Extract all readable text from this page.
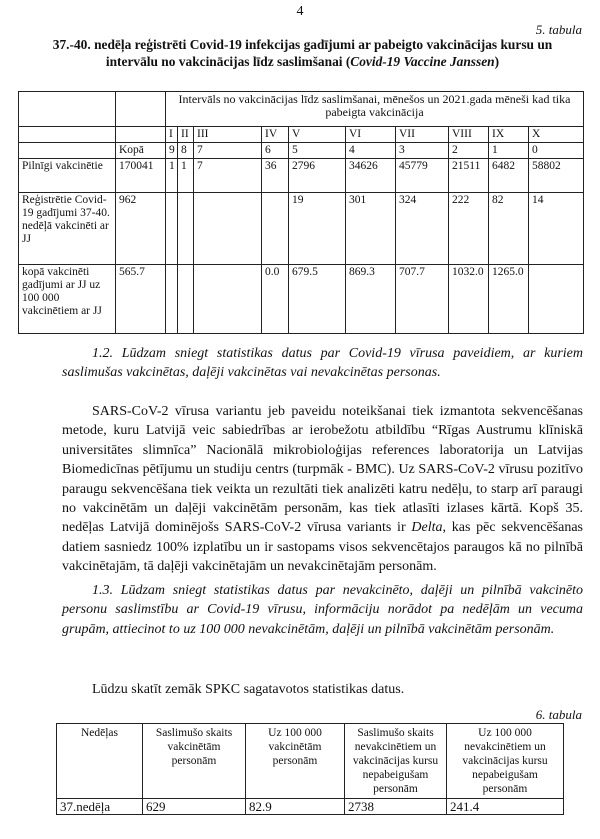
4
5. tabula
37.-40. nedēļa reģistrēti Covid-19 infekcijas gadījumi ar pabeigto vakcinācijas kursu un intervālu no vakcinācijas līdz saslimšanai (Covid-19 Vaccine Janssen)
		Intervāls no vakcinācijas līdz saslimšanai, mēnešos un 2021.gada mēneši kad tika pabeigta vakcinācija									
		I	II	III	IV	V	VI	VII	VIII	IX	X
	Kopā	9	8	7	6	5	4	3	2	1	0
Pilnīgi vakcinētie	170041	1	1	7	36	2796	34626	45779	21511	6482	58802
Reģistrētie Covid-19 gadījumi 37-40. nedēļā vakcinēti ar JJ	962					19	301	324	222	82	14
kopā vakcinēti gadījumi ar JJ uz 100 000 vakcinētiem ar JJ	565.7				0.0	679.5	869.3	707.7	1032.0	1265.0	
1.2. Lūdzam sniegt statistikas datus par Covid-19 vīrusa paveidiem, ar kuriem saslimušas vakcinētas, daļēji vakcinētas vai nevakcinētas personas.
SARS-CoV-2 vīrusa variantu jeb paveidu noteikšanai tiek izmantota sekvencēšanas metode, kuru Latvijā veic sabiedrības ar ierobežotu atbildību “Rīgas Austrumu klīniskā universitātes slimnīca” Nacionālā mikrobioloģijas references laboratorija un Latvijas Biomedicīnas pētījumu un studiju centrs (turpmāk - BMC). Uz SARS-CoV-2 vīrusu pozitīvo paraugu sekvencēšana tiek veikta un rezultāti tiek analizēti katru nedēļu, to starp arī paraugi no vakcinētām un daļēji vakcinētām personām, kas tiek atlasīti izlases kārtā. Kopš 35. nedēļas Latvijā dominējošs SARS-CoV-2 vīrusa variants ir Delta, kas pēc sekvencēšanas datiem sasniedz 100% izplatību un ir sastopams visos sekvencētajos paraugos kā no pilnībā vakcinētajām, tā daļēji vakcinētajām un nevakcinētajām personām.
1.3. Lūdzam sniegt statistikas datus par nevakcinēto, daļēji un pilnībā vakcinēto personu saslimstību ar Covid-19 vīrusu, informāciju norādot pa nedēļām un vecuma grupām, attiecinot to uz 100 000 nevakcinētām, daļēji un pilnībā vakcinētām personām.
Lūdzu skatīt zemāk SPKC sagatavotos statistikas datus.
6. tabula
Nedēļas	Saslimušo skaits vakcinētām personām	Uz 100 000 vakcinētām personām	Saslimušo skaits nevakcinētiem un vakcinācijas kursu nepabeigušam personām	Uz 100 000 nevakcinētiem un vakcinācijas kursu nepabeigušam personām
37.nedēļa	629	82.9	2738	241.4
